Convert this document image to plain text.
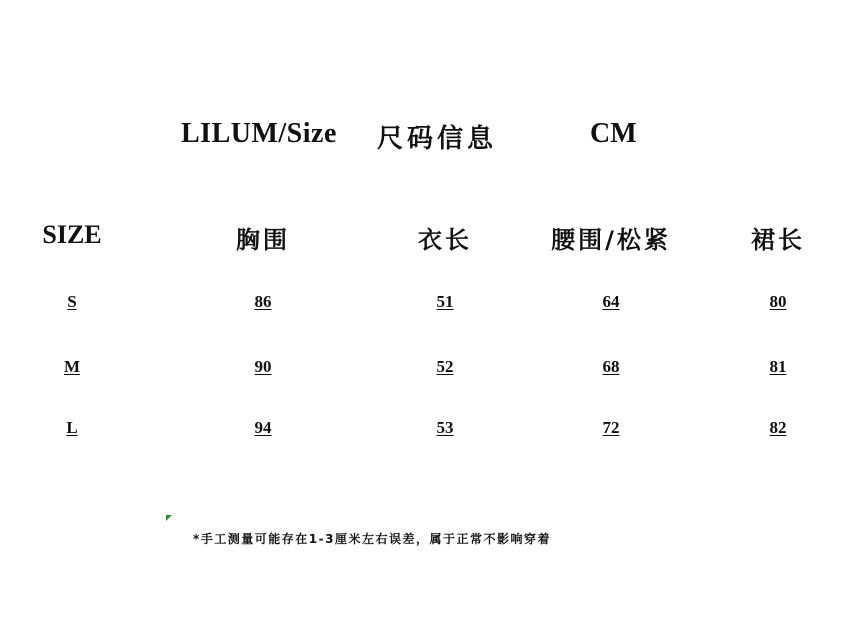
LILUM/Size 尺码信息	CM
SIZE	胸围	衣长	腰围/松紧	裙长
S	86	51	64	80
M	90	52	68	81
L	94	53	72	82
*手工测量可能存在1-3厘米左右误差，属于正常不影响穿着
